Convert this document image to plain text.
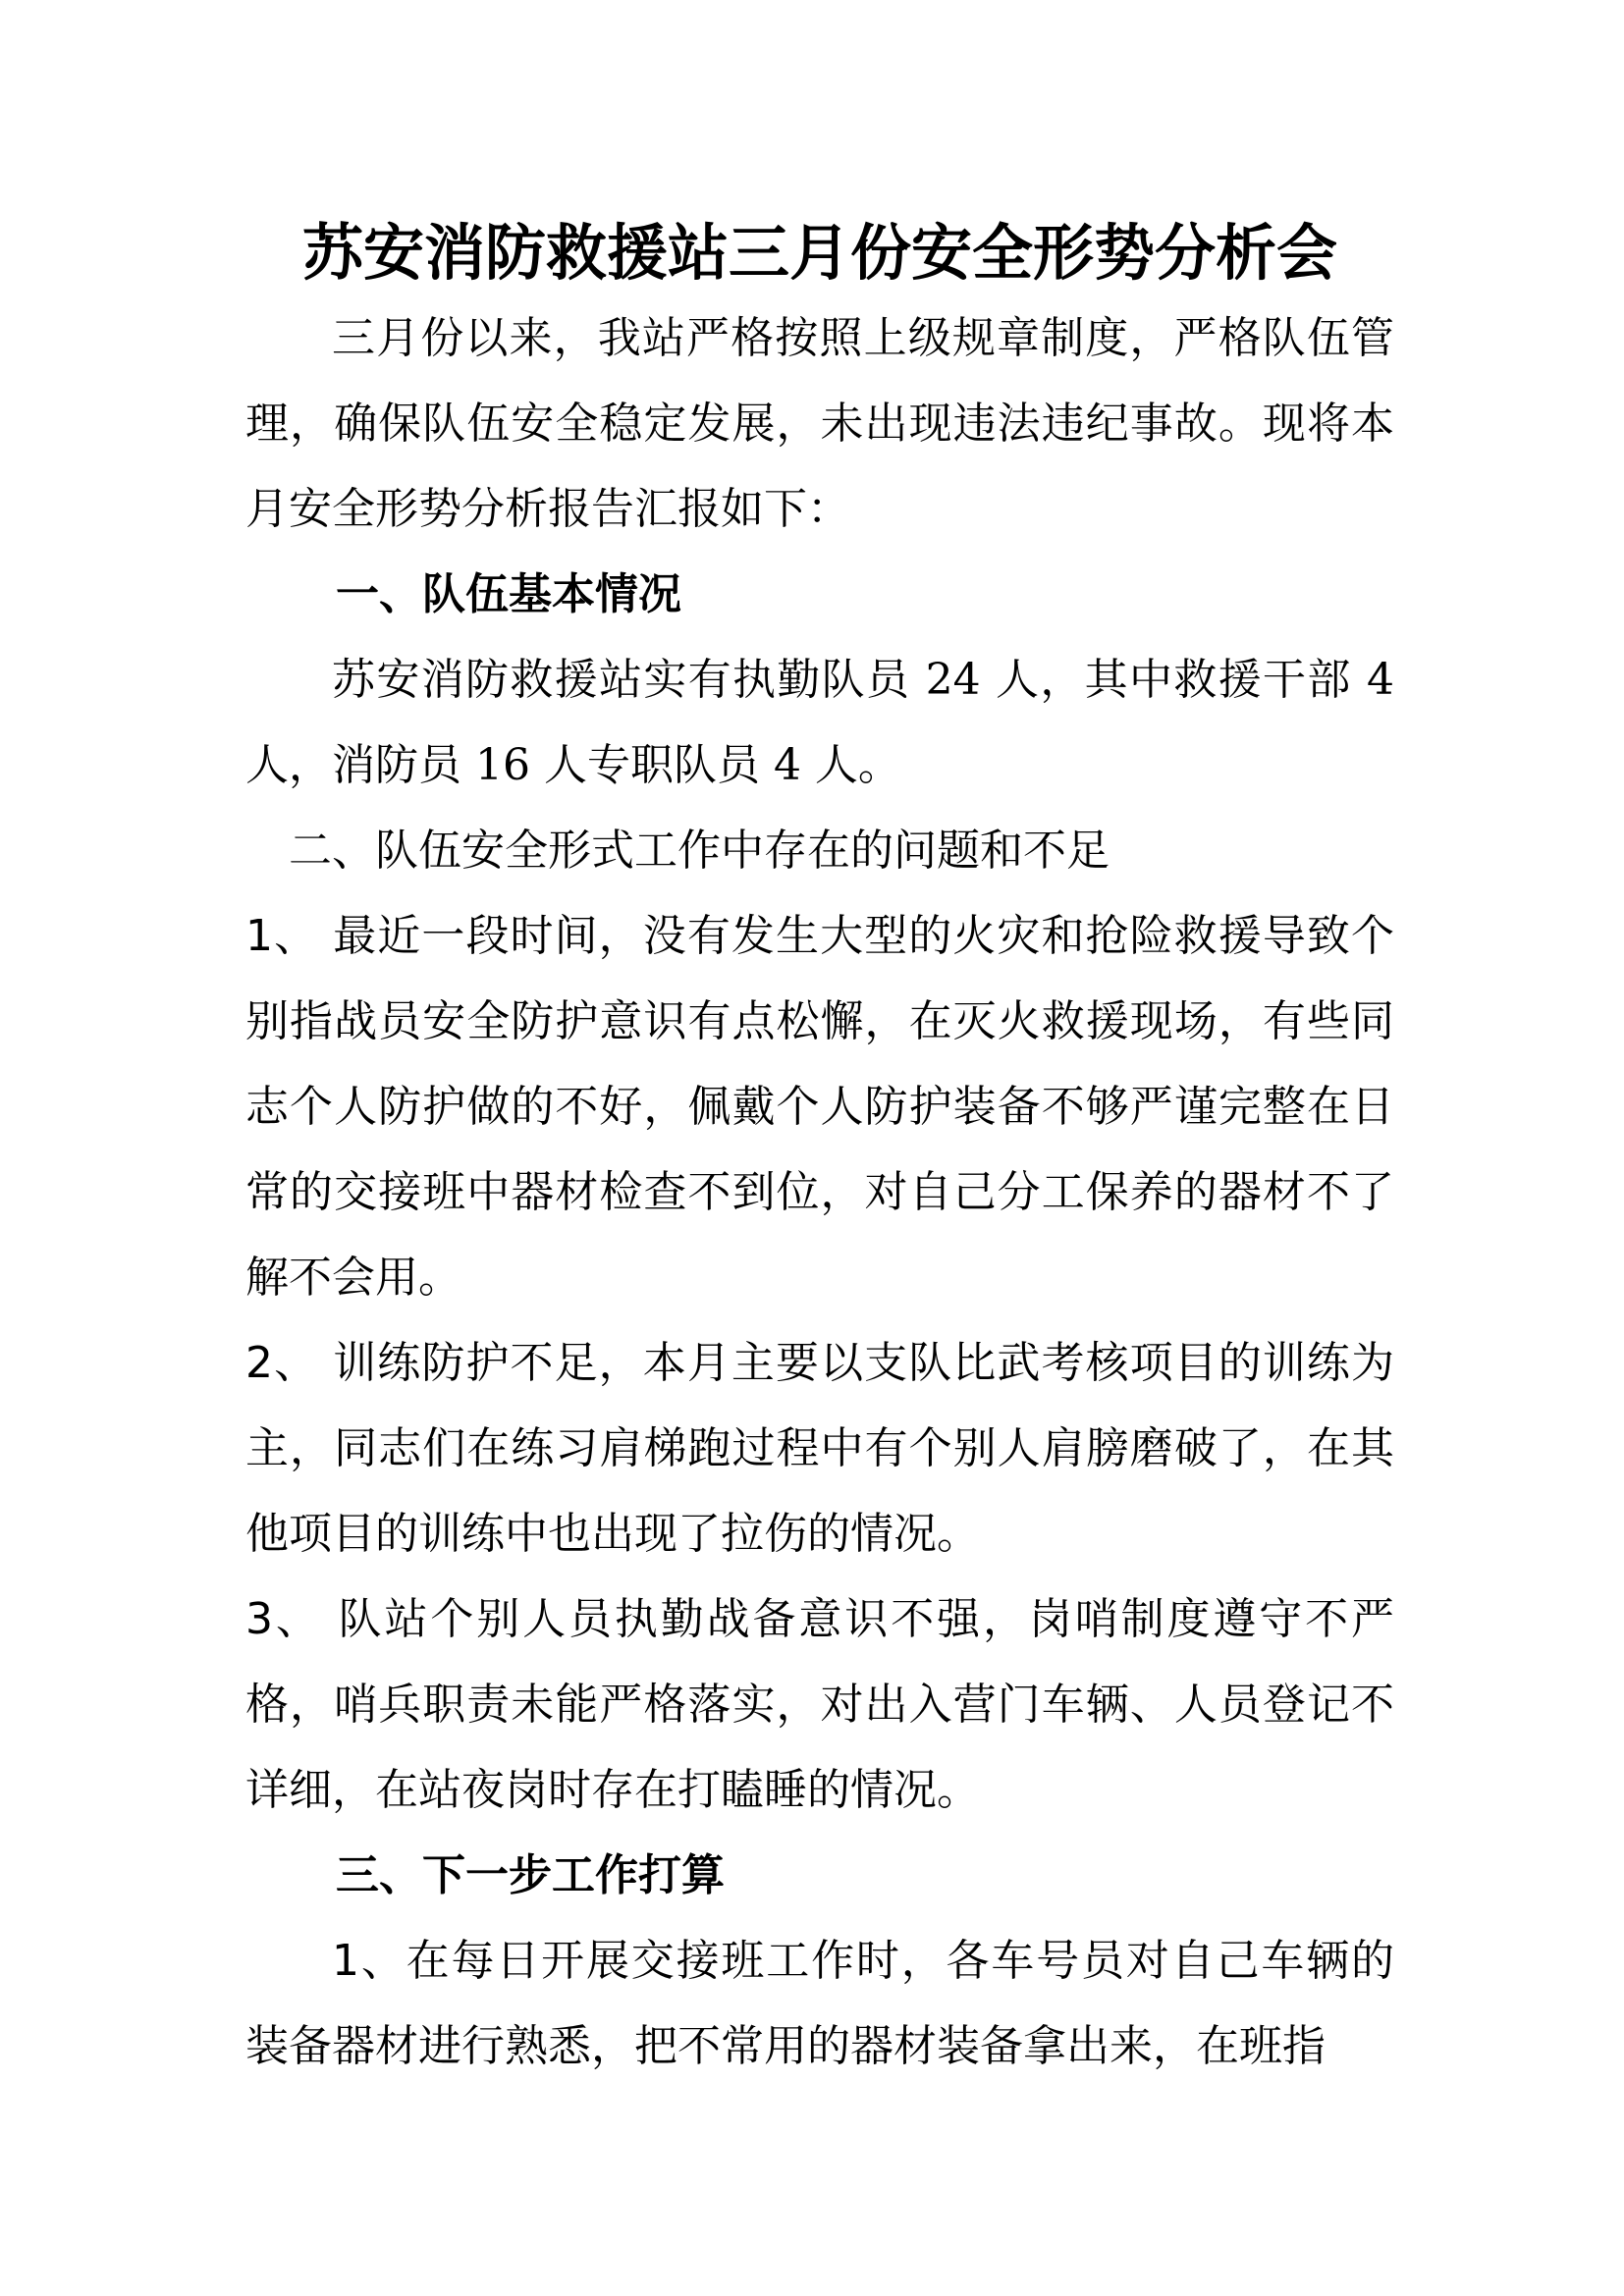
苏安消防救援站三月份安全形势分析会

三月份以来，我站严格按照上级规章制度，严格队伍管理，确保队伍安全稳定发展，未出现违法违纪事故。现将本月安全形势分析报告汇报如下：

一、队伍基本情况

苏安消防救援站实有执勤队员 24 人，其中救援干部 4 人，消防员 16 人专职队员 4 人。

二、队伍安全形式工作中存在的问题和不足

1、 最近一段时间，没有发生大型的火灾和抢险救援导致个别指战员安全防护意识有点松懈，在灭火救援现场，有些同志个人防护做的不好，佩戴个人防护装备不够严谨完整在日常的交接班中器材检查不到位，对自己分工保养的器材不了解不会用。

2、 训练防护不足，本月主要以支队比武考核项目的训练为主，同志们在练习肩梯跑过程中有个别人肩膀磨破了，在其他项目的训练中也出现了拉伤的情况。

3、 队站个别人员执勤战备意识不强，岗哨制度遵守不严格，哨兵职责未能严格落实，对出入营门车辆、人员登记不详细，在站夜岗时存在打瞌睡的情况。

三、下一步工作打算

1、在每日开展交接班工作时，各车号员对自己车辆的装备器材进行熟悉，把不常用的器材装备拿出来，在班指
